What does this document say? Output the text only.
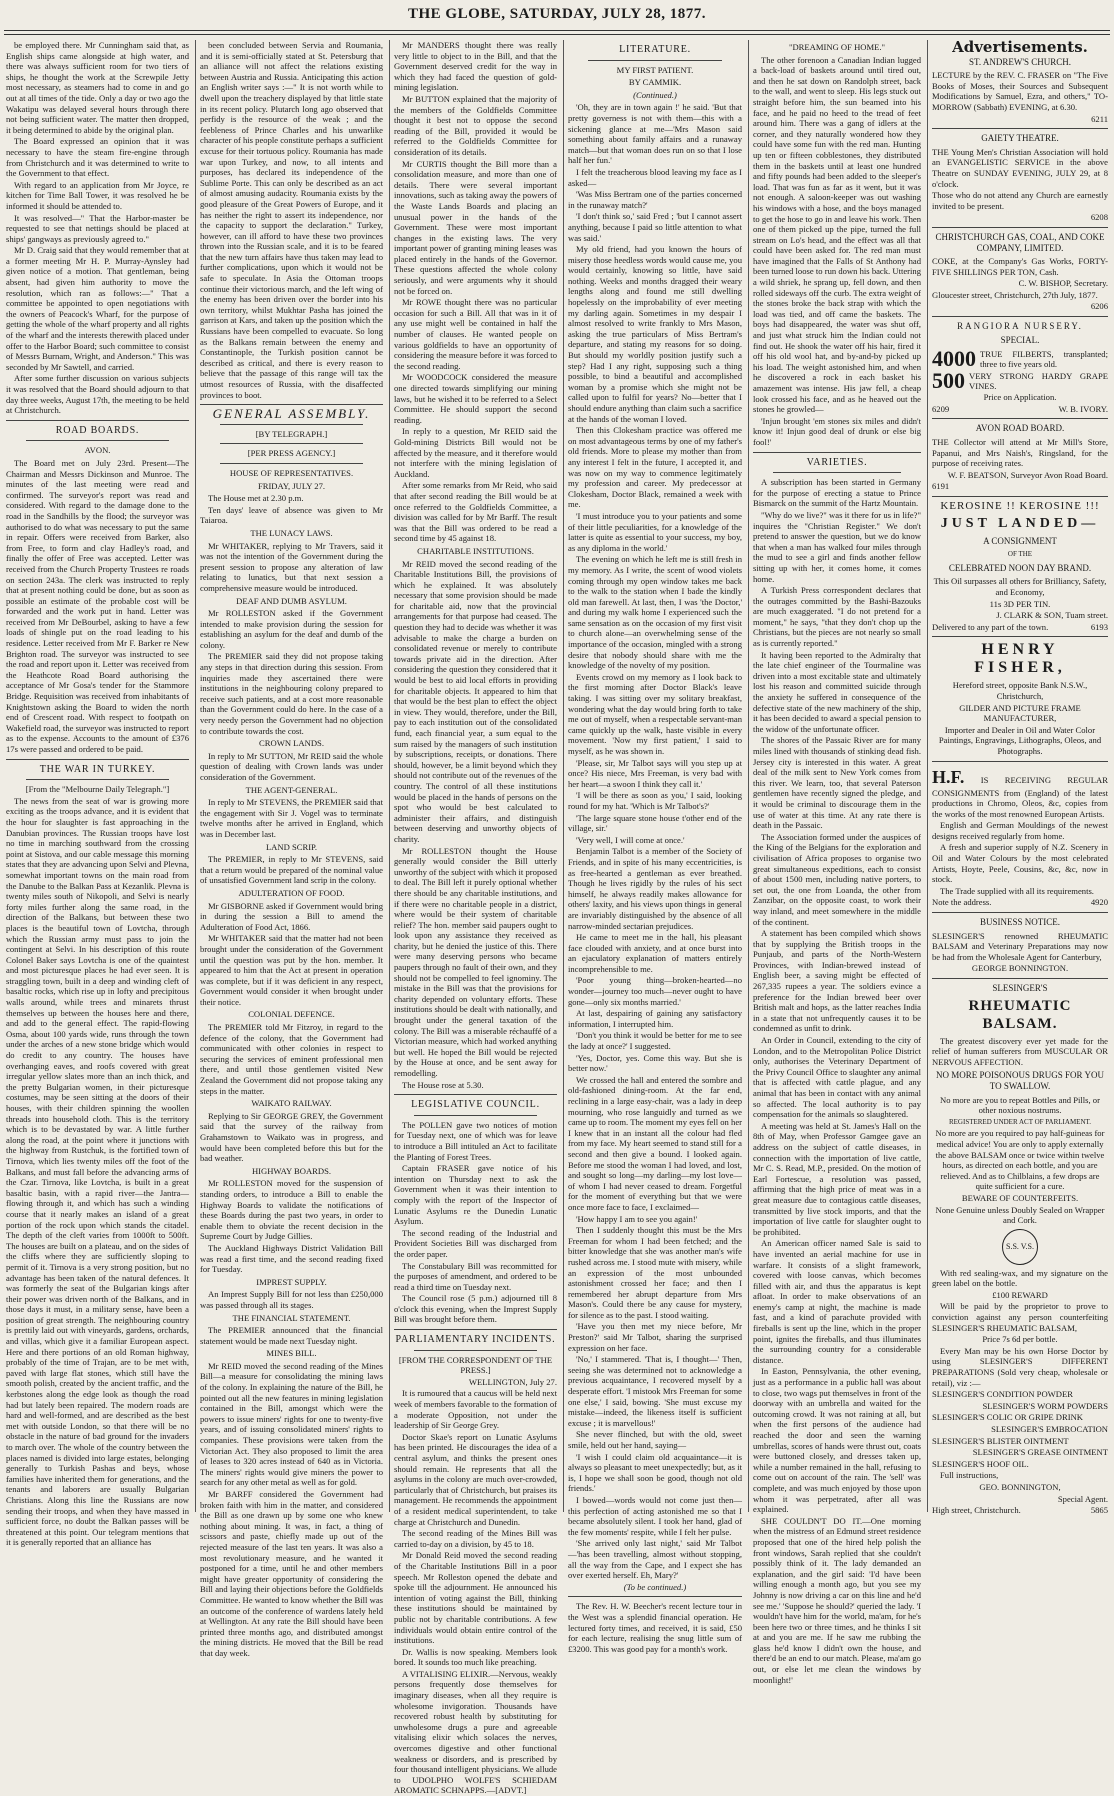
THE GLOBE, SATURDAY, JULY 28, 1877.

be employed there. Mr Cunningham said that, as English ships came alongside at high water, and there was always sufficient room for two tiers of ships, he thought the work at the Screwpile Jetty most necessary, as steamers had to come in and go out at all times of the tide. Only a day or two ago the Wakatipu was delayed several hours through there not being sufficient water. The matter then dropped, it being determined to abide by the original plan.

The Board expressed an opinion that it was necessary to have the steam fire-engine through from Christchurch and it was determined to write to the Government to that effect.

With regard to an application from Mr Joyce, re kitchen for Time Ball Tower, it was resolved he be informed it should be attended to.

It was resolved—" That the Harbor-master be requested to see that nettings should be placed at ships' gangways as previously agreed to."

Mr D. Craig said that they would remember that at a former meeting Mr H. P. Murray-Aynsley had given notice of a motion. That gentleman, being absent, had given him authority to move the resolution, which ran as follows:—" That a committee be appointed to open negotiations with the owners of Peacock's Wharf, for the purpose of getting the whole of the wharf property and all rights of the wharf and the interests therewith placed under offer to the Harbor Board; such committee to consist of Messrs Burnam, Wright, and Anderson." This was seconded by Mr Sawtell, and carried.

After some further discussion on various subjects it was resolved that the Board should adjourn to that day three weeks, August 17th, the meeting to be held at Christchurch.

ROAD BOARDS.
AVON.

The Board met on July 23rd. Present—The Chairman and Messrs Dickinson and Munroe. The minutes of the last meeting were read and confirmed. The surveyor's report was read and considered. With regard to the damage done to the road in the Sandhills by the flood; the surveyor was authorised to do what was necessary to put the same in repair. Offers were received from Barker, also from Free, to form and clay Hadley's road, and finally the offer of Free was accepted. Letter was received from the Church Property Trustees re roads on section 243a. The clerk was instructed to reply that at present nothing could be done, but as soon as possible an estimate of the probable cost will be forwarded and the work put in hand. Letter was received from Mr DeBourbel, asking to have a few loads of shingle put on the road leading to his residence. Letter received from Mr F. Barker re New Brighton road. The surveyor was instructed to see the road and report upon it. Letter was received from the Heathcote Road Board authorising the acceptance of Mr Gosa's tender for the Stammore Bridge. Requisition was received from inhabitants of Knightstown asking the Board to widen the north end of Crescent road. With respect to footpath on Wakefield road, the surveyor was instructed to report as to the expense. Accounts to the amount of £376 17s were passed and ordered to be paid.

THE WAR IN TURKEY.

[From the "Melbourne Daily Telegraph."]

The news from the seat of war is growing more exciting as the troops advance, and it is evident that the hour for slaughter is fast approaching in the Danubian provinces. The Russian troops have lost no time in marching southward from the crossing point at Sistova, and our cable message this morning states that they are advancing upon Selvi and Plevna, somewhat important towns on the main road from the Danube to the Balkan Pass at Kezanlik. Plevna is twenty miles south of Nikopoli, and Selvi is nearly forty miles further along the same road, in the direction of the Balkans, but between these two places is the beautiful town of Lovtcha, through which the Russian army must pass to join the contingent at Selvi. In his description of this route Colonel Baker says Lovtcha is one of the quaintest and most picturesque places he had ever seen. It is straggling town, built in a deep and winding cleft of basaltic rocks, which rise up in lofty and precipitous walls around, while trees and minarets thrust themselves up between the houses here and there, and add to the general effect. The rapid-flowing Osma, about 100 yards wide, runs through the town under the arches of a new stone bridge which would do credit to any country. The houses have overhanging eaves, and roofs covered with great irregular yellow slates more than an inch thick, and the pretty Bulgarian women, in their picturesque costumes, may be seen sitting at the doors of their houses, with their children spinning the woollen threads into household cloth. This is the territory which is to be devastated by war. A little further along the road, at the point where it junctions with the highway from Rustchuk, is the fortified town of Tirnova, which lies twenty miles off the foot of the Balkans, and must fall before the advancing arms of the Czar. Tirnova, like Lovtcha, is built in a great basaltic basin, with a rapid river—the Jantra—flowing through it, and which has such a winding course that it nearly makes an island of a great portion of the rock upon which stands the citadel. The depth of the cleft varies from 1000ft to 500ft. The houses are built on a plateau, and on the sides of the cliffs where they are sufficiently sloping to permit of it. Tirnova is a very strong position, but no advantage has been taken of the natural defences. It was formerly the seat of the Bulgarian kings after their power was driven north of the Balkans, and in those days it must, in a military sense, have been a position of great strength. The neighbouring country is prettily laid out with vineyards, gardens, orchards, and villas, which give it a familiar European aspect. Here and there portions of an old Roman highway, probably of the time of Trajan, are to be met with, paved with large flat stones, which still have the smooth polish, created by the ancient traffic, and the kerbstones along the edge look as though the road had but lately been repaired. The modern roads are hard and well-formed, and are described as the best met with outside London, so that there will be no obstacle in the nature of bad ground for the invaders to march over. The whole of the country between the places named is divided into large estates, belonging generally to Turkish Pashas and beys, whose families have inherited them for generations, and the tenants and laborers are usually Bulgarian Christians. Along this line the Russians are now sending their troops, and when they have massed in sufficient force, no doubt the Balkan passes will be threatened at this point. Our telegram mentions that it is generally reported that an alliance has

been concluded between Servia and Roumania, and it is semi-officially stated at St. Petersburg that an alliance will not affect the relations existing between Austria and Russia. Anticipating this action an English writer says :—" It is not worth while to dwell upon the treachery displayed by that little state in its recent policy. Plutarch long ago observed that perfidy is the resource of the weak ; and the feebleness of Prince Charles and his unwarlike character of his people constitute perhaps a sufficient excuse for their tortuous policy. Roumania has made war upon Turkey, and now, to all intents and purposes, has declared its independence of the Sublime Porte. This can only be described as an act of almost amusing audacity. Roumania exists by the good pleasure of the Great Powers of Europe, and it has neither the right to assert its independence, nor the capacity to support the declaration." Turkey, however, can ill afford to have these two provinces thrown into the Russian scale, and it is to be feared that the new turn affairs have thus taken may lead to further complications, upon which it would not be safe to speculate. In Asia the Ottoman troops continue their victorious march, and the left wing of the enemy has been driven over the border into his own territory, whilst Mukhtar Pasha has joined the garrison at Kars, and taken up the position which the Russians have been compelled to evacuate. So long as the Balkans remain between the enemy and Constantinople, the Turkish position cannot be described as critical, and there is every reason to believe that the passage of this range will tax the utmost resources of Russia, with the disaffected provinces to boot.

GENERAL ASSEMBLY.

[BY TELEGRAPH.]

[PER PRESS AGENCY.]

HOUSE OF REPRESENTATIVES.
FRIDAY, JULY 27.

The House met at 2.30 p.m.

Ten days' leave of absence was given to Mr Taiaroa.

THE LUNACY LAWS.

Mr WHITAKER, replying to Mr Travers, said it was not the intention of the Government during the present session to propose any alteration of law relating to lunatics, but that next session a comprehensive measure would be introduced.

DEAF AND DUMB ASYLUM.

Mr ROLLESTON asked if the Government intended to make provision during the session for establishing an asylum for the deaf and dumb of the colony.

The PREMIER said they did not propose taking any steps in that direction during this session. From inquiries made they ascertained there were institutions in the neighbouring colony prepared to receive such patients, and at a cost more reasonable than the Government could do here. In the case of a very needy person the Government had no objection to contribute towards the cost.

CROWN LANDS.

In reply to Mr SUTTON, Mr REID said the whole question of dealing with Crown lands was under consideration of the Government.

THE AGENT-GENERAL.

In reply to Mr STEVENS, the PREMIER said that the engagement with Sir J. Vogel was to terminate twelve months after he arrived in England, which was in December last.

LAND SCRIP.

The PREMIER, in reply to Mr STEVENS, said that a return would be prepared of the nominal value of unsatisfied Government land scrip in the colony.

ADULTERATION OF FOOD.

Mr GISBORNE asked if Government would bring in during the session a Bill to amend the Adulteration of Food Act, 1866.

Mr WHITAKER said that the matter had not been brought under the consideration of the Government until the question was put by the hon. member. It appeared to him that the Act at present in operation was complete, but if it was deficient in any respect, Government would consider it when brought under their notice.

COLONIAL DEFENCE.

The PREMIER told Mr Fitzroy, in regard to the defence of the colony, that the Government had communicated with other colonies in respect to securing the services of eminent professional men there, and until those gentlemen visited New Zealand the Government did not propose taking any steps in the matter.

WAIKATO RAILWAY.

Replying to Sir GEORGE GREY, the Government said that the survey of the railway from Grahamstown to Waikato was in progress, and would have been completed before this but for the bad weather.

HIGHWAY BOARDS.

Mr ROLLESTON moved for the suspension of standing orders, to introduce a Bill to enable the Highway Boards to validate the notifications of these Boards during the past two years, in order to enable them to obviate the recent decision in the Supreme Court by Judge Gillies.

The Auckland Highways District Validation Bill was read a first time, and the second reading fixed for Tuesday.

IMPREST SUPPLY.

An Imprest Supply Bill for not less than £250,000 was passed through all its stages.

THE FINANCIAL STATEMENT.

The PREMIER announced that the financial statement would be made next Tuesday night.

MINES BILL.

Mr REID moved the second reading of the Mines Bill—a measure for consolidating the mining laws of the colony. In explaining the nature of the Bill, he pointed out all the new features in mining legislation contained in the Bill, amongst which were the powers to issue miners' rights for one to twenty-five years, and of issuing consolidated miners' rights to companies. These provisions were taken from the Victorian Act. They also proposed to limit the area of leases to 320 acres instead of 640 as in Victoria. The miners' rights would give miners the power to search for any other metal as well as for gold.

Mr BARFF considered the Government had broken faith with him in the matter, and considered the Bill as one drawn up by some one who knew nothing about mining. It was, in fact, a thing of scissors and paste, chiefly made up out of the rejected measure of the last ten years. It was also a most revolutionary measure, and he wanted it postponed for a time, until he and other members might have greater opportunity of considering the Bill and laying their objections before the Goldfields Committee. He wanted to know whether the Bill was an outcome of the conference of wardens lately held at Wellington. At any rate the Bill should have been printed three months ago, and distributed amongst the mining districts. He moved that the Bill be read that day week.

Mr MANDERS thought there was really very little to object to in the Bill, and that the Government deserved credit for the way in which they had faced the question of gold-mining legislation.

Mr BUTTON explained that the majority of the members of the Goldfields Committee thought it best not to oppose the second reading of the Bill, provided it would be referred to the Goldfields Committee for consideration of its details.

Mr CURTIS thought the Bill more than a consolidation measure, and more than one of details. There were several important innovations, such as taking away the powers of the Waste Lands Boards and placing an unusual power in the hands of the Government. These were most important changes in the existing laws. The very important power of granting mining leases was placed entirely in the hands of the Governor. These questions affected the whole colony seriously, and were arguments why it should not be forced on.

Mr ROWE thought there was no particular occasion for such a Bill. All that was in it of any use might well be contained in half the number of clauses. He wanted people on various goldfields to have an opportunity of considering the measure before it was forced to the second reading.

Mr WOODCOCK considered the measure one directed towards simplifying our mining laws, but he wished it to be referred to a Select Committee. He should support the second reading.

In reply to a question, Mr REID said the Gold-mining Districts Bill would not be affected by the measure, and it therefore would not interfere with the mining legislation of Auckland.

After some remarks from Mr Reid, who said that after second reading the Bill would be at once referred to the Goldfields Committee, a division was called for by Mr Barff. The result was that the Bill was ordered to be read a second time by 45 against 18.

CHARITABLE INSTITUTIONS.

Mr REID moved the second reading of the Charitable Institutions Bill, the provisions of which he explained. It was absolutely necessary that some provision should be made for charitable aid, now that the provincial arrangements for that purpose had ceased. The question they had to decide was whether it was advisable to make the charge a burden on consolidated revenue or merely to contribute towards private aid in the direction. After considering the question they considered that it would be best to aid local efforts in providing for charitable objects. It appeared to him that that would be the best plan to effect the object in view. They would, therefore, under the Bill, pay to each institution out of the consolidated fund, each financial year, a sum equal to the sum raised by the managers of such institution by subscriptions, receipts, or donations. There should, however, be a limit beyond which they should not contribute out of the revenues of the country. The control of all these institutions would be placed in the hands of persons on the spot who would be best calculated to administer their affairs, and distinguish between deserving and unworthy objects of charity.

Mr ROLLESTON thought the House generally would consider the Bill utterly unworthy of the subject with which it proposed to deal. The Bill left it purely optional whether there should be any charitable institutions, and if there were no charitable people in a district, where would be their system of charitable relief? The hon. member said paupers ought to look upon any assistance they received as charity, but he denied the justice of this. There were many deserving persons who became paupers through no fault of their own, and they should not be compelled to feel ignominy. The mistake in the Bill was that the provisions for charity depended on voluntary efforts. These institutions should be dealt with nationally, and brought under the general taxation of the colony. The Bill was a miserable réchauffé of a Victorian measure, which had worked anything but well. He hoped the Bill would be rejected by the House at once, and be sent away for remodelling.

The House rose at 5.30.

LEGISLATIVE COUNCIL.

The POLLEN gave two notices of motion for Tuesday next, one of which was for leave to introduce a Bill intituled an Act to facilitate the Planting of Forest Trees.

Captain FRASER gave notice of his intention on Thursday next to ask the Government when it was their intention to comply with the report of the Inspector of Lunatic Asylums re the Dunedin Lunatic Asylum.

The second reading of the Industrial and Provident Societies Bill was discharged from the order paper.

The Constabulary Bill was recommitted for the purposes of amendment, and ordered to be read a third time on Tuesday next.

The Council rose (5 p.m.) adjourned till 8 o'clock this evening, when the Imprest Supply Bill was brought before them.

PARLIAMENTARY INCIDENTS.

[FROM THE CORRESPONDENT OF THE PRESS.]

WELLINGTON, July 27.

It is rumoured that a caucus will be held next week of members favorable to the formation of a moderate Opposition, not under the leadership of Sir George Grey.

Doctor Skae's report on Lunatic Asylums has been printed. He discourages the idea of a central asylum, and thinks the present ones should remain. He represents that all the asylums in the colony are much over-crowded, particularly that of Christchurch, but praises its management. He recommends the appointment of a resident medical superintendent, to take charge at Christchurch and Dunedin.

The second reading of the Mines Bill was carried to-day on a division, by 45 to 18.

Mr Donald Reid moved the second reading of the Charitable Institutions Bill in a poor speech. Mr Rolleston opened the debate and spoke till the adjournment. He announced his intention of voting against the Bill, thinking these institutions should be maintained by public not by charitable contributions. A few individuals would obtain entire control of the institutions.

Dr. Wallis is now speaking. Members look bored. It sounds too much like preaching.

A VITALISING ELIXIR.—Nervous, weakly persons frequently dose themselves for imaginary diseases, when all they require is wholesome invigoration. Thousands have recovered robust health by substituting for unwholesome drugs a pure and agreeable vitalising elixir which solaces the nerves, overcomes digestive and other functional weakness or disorders, and is prescribed by four thousand intelligent physicians. We allude to UDOLPHO WOLFE'S SCHIEDAM AROMATIC SCHNAPPS.—[ADVT.]

LITERATURE.
MY FIRST PATIENT.
BY CAMMIK.
(Continued.)

'Oh, they are in town again !' he said. 'But that pretty governess is not with them—this with a sickening glance at me—'Mrs Mason said something about family affairs and a runaway match—but that woman does run on so that I lose half her fun.'

I felt the treacherous blood leaving my face as I asked—

'Was Miss Bertram one of the parties concerned in the runaway match?'

'I don't think so,' said Fred ; 'but I cannot assert anything, because I paid so little attention to what was said.'

My old friend, had you known the hours of misery those heedless words would cause me, you would certainly, knowing so little, have said nothing. Weeks and months dragged their weary lengths along and found me still dwelling hopelessly on the improbability of ever meeting my darling again. Sometimes in my despair I almost resolved to write frankly to Mrs Mason, asking the true particulars of Miss Bertram's departure, and stating my reasons for so doing. But should my worldly position justify such a step? Had I any right, supposing such a thing possible, to bind a beautiful and accomplished woman by a promise which she might not be called upon to fulfil for years? No—better that I should endure anything than claim such a sacrifice at the hands of the woman I loved.

Then this Clokesham practice was offered me on most advantageous terms by one of my father's old friends. More to please my mother than from any interest I felt in the future, I accepted it, and was now on my way to commence legitimately my profession and career. My predecessor at Clokesham, Doctor Black, remained a week with me.

'I must introduce you to your patients and some of their little peculiarities, for a knowledge of the latter is quite as essential to your success, my boy, as any diploma in the world.'

The evening on which he left me is still fresh in my memory. As I write, the scent of wood violets coming through my open window takes me back to the walk to the station when I bade the kindly old man farewell. At last, then, I was 'the Doctor,' and during my walk home I experienced such the same sensation as on the occasion of my first visit to church alone—an overwhelming sense of the importance of the occasion, mingled with a strong desire that nobody should share with me the knowledge of the novelty of my position.

Events crowd on my memory as I look back to the first morning after Doctor Black's leave taking. I was sitting over my solitary breakfast, wondering what the day would bring forth to take me out of myself, when a respectable servant-man came quickly up the walk, haste visible in every movement. 'Now my first patient,' I said to myself, as he was shown in.

'Please, sir, Mr Talbot says will you step up at once? His niece, Mrs Freeman, is very bad with her heart—a swoon I think they call it.'

'I will be there as soon as you,' I said, looking round for my hat. 'Which is Mr Talbot's?'

'The large square stone house t'other end of the village, sir.'

'Very well, I will come at once.'

Benjamin Talbot is a member of the Society of Friends, and in spite of his many eccentricities, is as free-hearted a gentleman as ever breathed. Though he lives rigidly by the rules of his sect himself, he always readily makes allowance for others' laxity, and his views upon things in general are invariably distinguished by the absence of all narrow-minded sectarian prejudices.

He came to meet me in the hall, his pleasant face clouded with anxiety, and at once burst into an ejaculatory explanation of matters entirely incomprehensible to me.

'Poor young thing—broken-hearted—no wonder—journey too much—never ought to have gone—only six months married.'

At last, despairing of gaining any satisfactory information, I interrupted him.

'Don't you think it would be better for me to see the lady at once?' I suggested.

'Yes, Doctor, yes. Come this way. But she is better now.'

We crossed the hall and entered the sombre and old-fashioned dining-room. At the far end, reclining in a large easy-chair, was a lady in deep mourning, who rose languidly and turned as we came up to room. The moment my eyes fell on her I knew that in an instant all the colour had fled from my face. My heart seemed to stand still for a second and then give a bound. I looked again. Before me stood the woman I had loved, and lost, and sought so long—my darling—my lost love—of whom I had never ceased to dream. Forgetful for the moment of everything but that we were once more face to face, I exclaimed—

'How happy I am to see you again!'

Then I suddenly thought this must be the Mrs Freeman for whom I had been fetched; and the bitter knowledge that she was another man's wife rushed across me. I stood mute with misery, while an expression of the most unbounded astonishment crossed her face; and then I remembered her abrupt departure from Mrs Mason's. Could there be any cause for mystery, for silence as to the past. I stood waiting.

'Have you then met my niece before, Mr Preston?' said Mr Talbot, sharing the surprised expression on her face.

'No,' I stammered. 'That is, I thought—' Then, seeing she was determined not to acknowledge a previous acquaintance, I recovered myself by a desperate effort. 'I mistook Mrs Freeman for some one else,' I said, bowing. 'She must excuse my mistake—indeed, the likeness itself is sufficient excuse ; it is marvellous!'

She never flinched, but with the old, sweet smile, held out her hand, saying—

'I wish I could claim old acquaintance—it is always so pleasant to meet unexpectedly; but, as it is, I hope we shall soon be good, though not old friends.'

I bowed—words would not come just then—this perfection of acting astonished me so that I became absolutely silent. I took her hand, glad of the few moments' respite, while I felt her pulse.

'She arrived only last night,' said Mr Talbot—'has been travelling, almost without stopping, all the way from the Cape, and I expect she has over exerted herself. Eh, Mary?'

(To be continued.)

The Rev. H. W. Beecher's recent lecture tour in the West was a splendid financial operation. He lectured forty times, and received, it is said, £50 for each lecture, realising the snug little sum of £3200. This was good pay for a month's work.

"DREAMING OF HOME."

The other forenoon a Canadian Indian lugged a back-load of baskets around until tired out, and then he sat down on Randolph street, back to the wall, and went to sleep. His legs stuck out straight before him, the sun beamed into his face, and he paid no heed to the tread of feet around him. There was a gang of idlers at the corner, and they naturally wondered how they could have some fun with the red man. Hunting up ten or fifteen cobblestones, they distributed them in the baskets until at least one hundred and fifty pounds had been added to the sleeper's load. That was fun as far as it went, but it was not enough. A saloon-keeper was out washing his windows with a hose, and the boys managed to get the hose to go in and leave his work. Then one of them picked up the pipe, turned the full stream on Lo's head, and the effect was all that could have been asked for. The red man must have imagined that the Falls of St Anthony had been turned loose to run down his back. Uttering a wild shriek, he sprang up, fell down, and then rolled sideways off the curb. The extra weight of the stones broke the back strap with which the load was tied, and off came the baskets. The boys had disappeared, the water was shut off, and just what struck him the Indian could not find out. He shook the water off his hair, fired it off his old wool hat, and by-and-by picked up his load. The weight astonished him, and when he discovered a rock in each basket his amazement was intense. His jaw fell, a cheap look crossed his face, and as he heaved out the stones he growled—

'Injun brought 'em stones six miles and didn't know it! Injun good deal of drunk or else big fool!'

VARIETIES.

A subscription has been started in Germany for the purpose of erecting a statue to Prince Bismarck on the summit of the Hartz Mountain.

"Why do we live?" was it there for us in life?" inquires the "Christian Register." We don't pretend to answer the question, but we do know that when a man has walked four miles through the mud to see a girl and finds another fellow sitting up with her, it comes home, it comes home.

A Turkish Press correspondent declares that the outrages committed by the Bashi-Bazouks are much exaggerated. "I do not pretend for a moment," he says, "that they don't chop up the Christians, but the pieces are not nearly so small as is currently reported."

It having been reported to the Admiralty that the late chief engineer of the Tourmaline was driven into a most excitable state and ultimately lost his reason and committed suicide through the anxiety he suffered in consequence of the defective state of the new machinery of the ship, it has been decided to award a special pension to the widow of the unfortunate officer.

The shores of the Passaic River are for many miles lined with thousands of stinking dead fish. Jersey city is interested in this water. A great deal of the milk sent to New York comes from this river. We learn, too, that several Paterson gentlemen have recently signed the pledge, and it would be criminal to discourage them in the use of water at this time. At any rate there is death in the Passaic.

The Association formed under the auspices of the King of the Belgians for the exploration and civilisation of Africa proposes to organise two great simultaneous expeditions, each to consist of about 1500 men, including native porters, to set out, the one from Loanda, the other from Zanzibar, on the opposite coast, to work their way inland, and meet somewhere in the middle of the continent.

A statement has been compiled which shows that by supplying the British troops in the Punjaub, and parts of the North-Western Provinces, with Indian-brewed instead of English beer, a saving might be effected of 267,335 rupees a year. The soldiers evince a preference for the Indian brewed beer over British malt and hops, as the latter reaches India in a state that not unfrequently causes it to be condemned as unfit to drink.

An Order in Council, extending to the city of London, and to the Metropolitan Police District only, authorises the Veterinary Department of the Privy Council Office to slaughter any animal that is affected with cattle plague, and any animal that has been in contact with any animal so affected. The local authority is to pay compensation for the animals so slaughtered.

A meeting was held at St. James's Hall on the 8th of May, when Professor Gamgee gave an address on the subject of cattle diseases, in connection with the importation of live cattle, Mr C. S. Read, M.P., presided. On the motion of Earl Fortescue, a resolution was passed, affirming that the high price of meat was in a great measure due to contagious cattle diseases, transmitted by live stock imports, and that the importation of live cattle for slaughter ought to be prohibited.

An American officer named Sale is said to have invented an aerial machine for use in warfare. It consists of a slight framework, covered with loose canvas, which becomes filled with air, and thus the apparatus is kept afloat. In order to make observations of an enemy's camp at night, the machine is made fast, and a kind of parachute provided with fireballs is sent up the line, which in the proper point, ignites the fireballs, and thus illuminates the surrounding country for a considerable distance.

In Easton, Pennsylvania, the other evening, just as a performance in a public hall was about to close, two wags put themselves in front of the doorway with an umbrella and waited for the outcoming crowd. It was not raining at all, but when the first persons of the audience had reached the door and seen the warning umbrellas, scores of hands were thrust out, coats were buttoned closely, and dresses taken up, while a number remained in the hall, refusing to come out on account of the rain. The 'sell' was complete, and was much enjoyed by those upon whom it was perpetrated, after all was explained.

SHE COULDN'T DO IT.—One morning when the mistress of an Edmund street residence proposed that one of the hired help polish the front windows, Sarah replied that she couldn't possibly think of it. The lady demanded an explanation, and the girl said: 'I'd have been willing enough a month ago, but you see my Johnny is now driving a car on this line and he'd see me.' 'Suppose he should?' queried the lady. 'I wouldn't have him for the world, ma'am, for he's been here two or three times, and he thinks I sit at and you are me. If he saw me rubbing the glass he'd know I didn't own the house, and there'd be an end to our match. Please, ma'am go out, or else let me clean the windows by moonlight!'

Advertisements.
ST. ANDREW'S CHURCH.

LECTURE by the REV. C. FRASER on "The Five Books of Moses, their Sources and Subsequent Modifications by Samuel, Ezra, and others," TO-MORROW (Sabbath) EVENING, at 6.30.

6211

GAIETY THEATRE.

THE Young Men's Christian Association will hold an EVANGELISTIC SERVICE in the above Theatre on SUNDAY EVENING, JULY 29, at 8 o'clock.

Those who do not attend any Church are earnestly invited to be present.

6208

CHRISTCHURCH GAS, COAL, AND COKE COMPANY, LIMITED.

COKE, at the Company's Gas Works, FORTY-FIVE SHILLINGS PER TON, Cash.

C. W. BISHOP, Secretary.

Gloucester street, Christchurch, 27th July, 1877.

6206

RANGIORA NURSERY.
SPECIAL.
4000 TRUE FILBERTS, transplanted; three to five years old.
500 VERY STRONG HARDY GRAPE VINES.

Price on Application.

6209	W. B. IVORY.
AVON ROAD BOARD.

THE Collector will attend at Mr Mill's Store, Papanui, and Mrs Naish's, Ringsland, for the purpose of receiving rates.

W. F. BEATSON, Surveyor Avon Road Board.

6191

KEROSINE !! KEROSINE !!!
JUST LANDED—
A CONSIGNMENT
OF THE
CELEBRATED NOON DAY BRAND.

This Oil surpasses all others for Brilliancy, Safety, and Economy,

11s 3D PER TIN.

J. CLARK & SON, Tuam street.

Delivered to any part of the town.	6193
HENRY FISHER,

Hereford street, opposite Bank N.S.W., Christchurch,

GILDER AND PICTURE FRAME MANUFACTURER,

Importer and Dealer in Oil and Water Color Paintings, Engravings, Lithographs, Oleos, and Photographs.

H.F. IS RECEIVING REGULAR CONSIGNMENTS from (England) of the latest productions in Chromo, Oleos, &c, copies from the works of the most renowned European Artists.

English and German Mouldings of the newest designs received regularly from home.

A fresh and superior supply of N.Z. Scenery in Oil and Water Colours by the most celebrated Artists, Hoyte, Peele, Cousins, &c, &c, now in stock.

The Trade supplied with all its requirements.

Note the address.	4920
BUSINESS NOTICE.

SLESINGER'S renowned RHEUMATIC BALSAM and Veterinary Preparations may now be had from the Wholesale Agent for Canterbury,

GEORGE BONNINGTON.

SLESINGER'S
RHEUMATIC BALSAM.

The greatest discovery ever yet made for the relief of human sufferers from MUSCULAR OR NERVOUS AFFECTION.

NO MORE POISONOUS DRUGS FOR YOU TO SWALLOW.

No more are you to repeat Bottles and Pills, or other noxious nostrums.

REGISTERED UNDER ACT OF PARLIAMENT.

No more are you required to pay half-guineas for medical advice! You are only to apply externally the above BALSAM once or twice within twelve hours, as directed on each bottle, and you are relieved. And as to Chilblains, a few drops are quite sufficient for a cure.

BEWARE OF COUNTERFEITS.

None Genuine unless Doubly Sealed on Wrapper and Cork.

S.S. V.S.

With red sealing-wax, and my signature on the green label on the bottle.

£100 REWARD

Will be paid by the proprietor to prove to conviction against any person counterfeiting SLESINGER'S RHEUMATIC BALSAM,

Price 7s 6d per bottle.

Every Man may be his own Horse Doctor by using SLESINGER'S DIFFERENT PREPARATIONS (Sold very cheap, wholesale or retail), viz :—

SLESINGER'S CONDITION POWDER

SLESINGER'S WORM POWDERS

SLESINGER'S COLIC OR GRIPE DRINK

SLESINGER'S EMBROCATION

SLESINGER'S BLISTER OINTMENT

SLESINGER'S GREASE OINTMENT

SLESINGER'S HOOF OIL.

Full instructions,

GEO. BONNINGTON,

Special Agent.

High street, Christchurch.	5865
